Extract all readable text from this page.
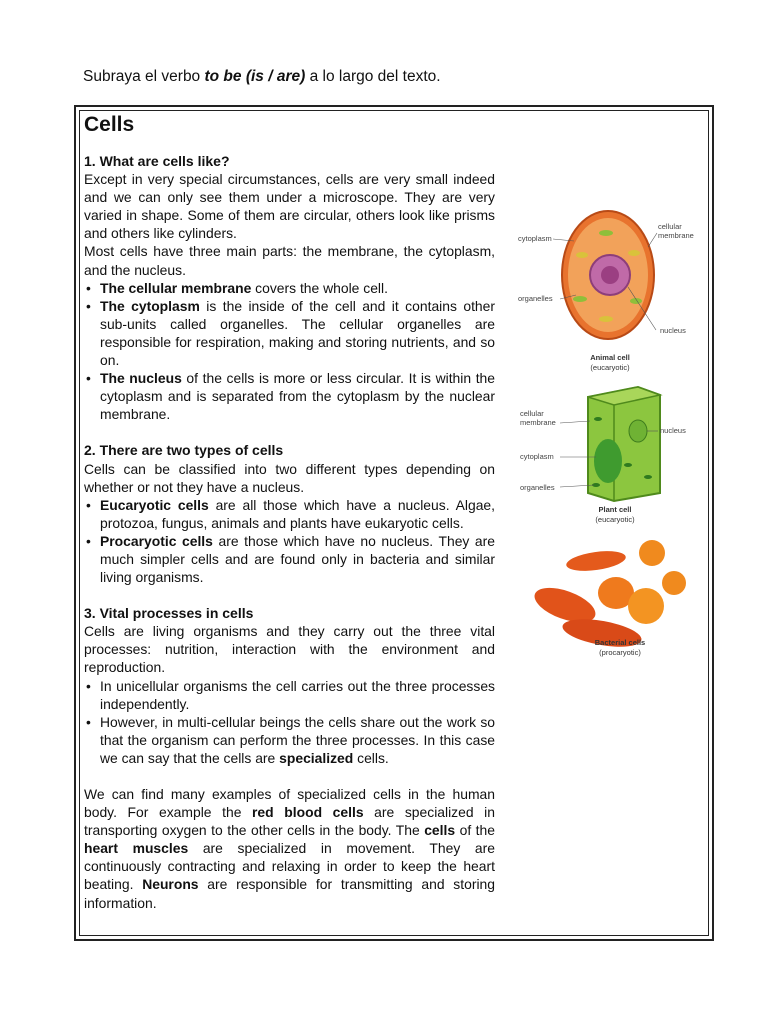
Subraya el verbo to be (is / are) a lo largo del texto.
Cells
1. What are cells like?

Except in very special circumstances, cells are very small indeed and we can only see them under a microscope. They are very varied in shape. Some of them are circular, others look like prisms and others like cylinders.

Most cells have three main parts: the membrane, the cytoplasm, and the nucleus.

• The cellular membrane covers the whole cell.
• The cytoplasm is the inside of the cell and it contains other sub-units called organelles. The cellular organelles are responsible for respiration, making and storing nutrients, and so on.
• The nucleus of the cells is more or less circular. It is within the cytoplasm and is separated from the cytoplasm by the nuclear membrane.
2. There are two types of cells

Cells can be classified into two different types depending on whether or not they have a nucleus.

• Eucaryotic cells are all those which have a nucleus. Algae, protozoa, fungus, animals and plants have eukaryotic cells.
• Procaryotic cells are those which have no nucleus. They are much simpler cells and are found only in bacteria and similar living organisms.
3. Vital processes in cells

Cells are living organisms and they carry out the three vital processes: nutrition, interaction with the environment and reproduction.

• In unicellular organisms the cell carries out the three processes independently.
• However, in multi-cellular beings the cells share out the work so that the organism can perform the three processes. In this case we can say that the cells are specialized cells.

We can find many examples of specialized cells in the human body. For example the red blood cells are specialized in transporting oxygen to the other cells in the body. The cells of the heart muscles are specialized in movement. They are continuously contracting and relaxing in order to keep the heart beating. Neurons are responsible for transmitting and storing information.

cytoplasm
cellular
membrane
organelles
nucleus
Animal cell
(eucaryotic)
cellular
membrane
nucleus
cytoplasm
organelles
Plant cell
(eucaryotic)
Bacterial cells
(procaryotic)
